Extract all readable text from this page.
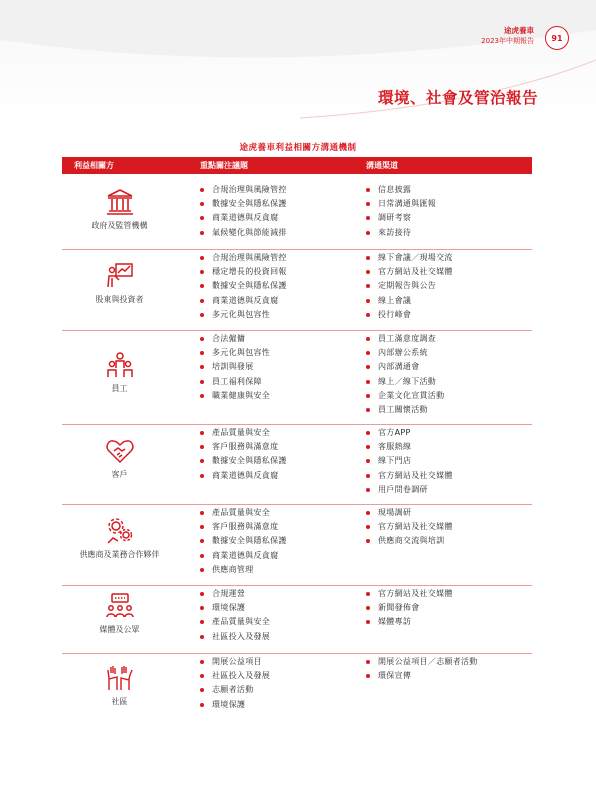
途虎養車
2023年中期報告 91
環境、社會及管治報告
途虎養車利益相關方溝通機制
利益相關方	重點關注議題	溝通渠道
政府及監管機構
合規治理與風險管控
數據安全與隱私保護
商業道德與反貪腐
氣候變化與節能減排
信息披露
日常溝通與匯報
調研考察
來訪接待
股東與投資者
合規治理與風險管控
穩定增長的投資回報
數據安全與隱私保護
商業道德與反貪腐
多元化與包容性
線下會議／現場交流
官方網站及社交媒體
定期報告與公告
線上會議
投行峰會
員工
合法僱傭
多元化與包容性
培訓與發展
員工福利保障
職業健康與安全
員工滿意度調查
內部辦公系統
內部溝通會
線上／線下活動
企業文化宣貫活動
員工關懷活動
客戶
產品質量與安全
客戶服務與滿意度
數據安全與隱私保護
商業道德與反貪腐
官方APP
客服熱線
線下門店
官方網站及社交媒體
用戶問卷調研
供應商及業務合作夥伴
產品質量與安全
客戶服務與滿意度
數據安全與隱私保護
商業道德與反貪腐
供應商管理
現場調研
官方網站及社交媒體
供應商交流與培訓
媒體及公眾
合規運營
環境保護
產品質量與安全
社區投入及發展
官方網站及社交媒體
新聞發佈會
媒體專訪
社區
開展公益項目
社區投入及發展
志願者活動
環境保護
開展公益項目／志願者活動
環保宣傳
